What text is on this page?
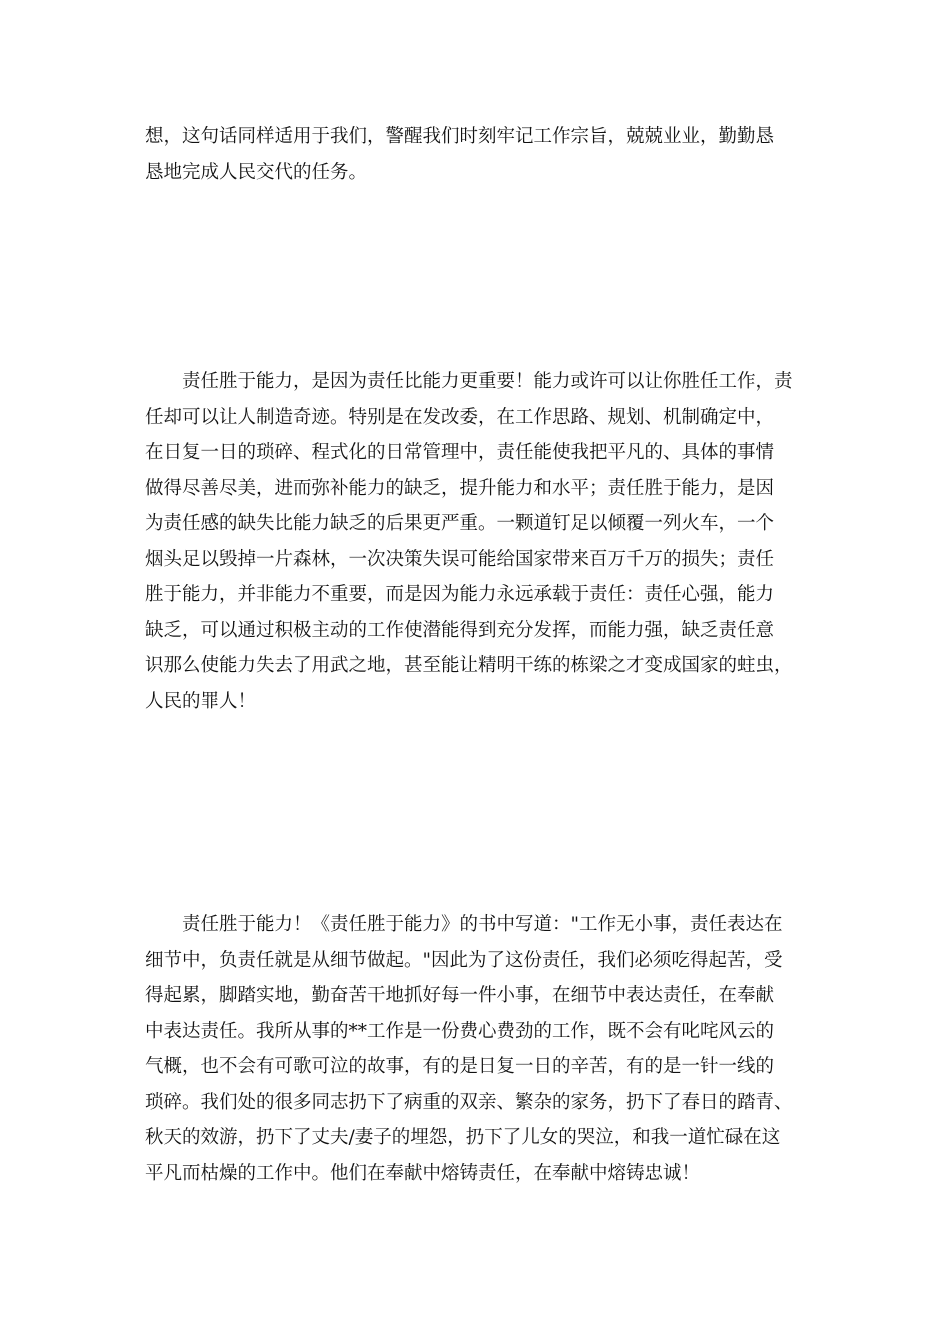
想，这句话同样适用于我们，警醒我们时刻牢记工作宗旨，兢兢业业，勤勤恳
恳地完成人民交代的任务。

　　责任胜于能力，是因为责任比能力更重要！能力或许可以让你胜任工作，责
任却可以让人制造奇迹。特别是在发改委，在工作思路、规划、机制确定中，
在日复一日的琐碎、程式化的日常管理中，责任能使我把平凡的、具体的事情
做得尽善尽美，进而弥补能力的缺乏，提升能力和水平；责任胜于能力，是因
为责任感的缺失比能力缺乏的后果更严重。一颗道钉足以倾覆一列火车，一个
烟头足以毁掉一片森林，一次决策失误可能给国家带来百万千万的损失；责任
胜于能力，并非能力不重要，而是因为能力永远承载于责任：责任心强，能力
缺乏，可以通过积极主动的工作使潜能得到充分发挥，而能力强，缺乏责任意
识那么使能力失去了用武之地，甚至能让精明干练的栋梁之才变成国家的蛀虫，
人民的罪人！

　　责任胜于能力！《责任胜于能力》的书中写道："工作无小事，责任表达在
细节中，负责任就是从细节做起。"因此为了这份责任，我们必须吃得起苦，受
得起累，脚踏实地，勤奋苦干地抓好每一件小事，在细节中表达责任，在奉献
中表达责任。我所从事的**工作是一份费心费劲的工作，既不会有叱咤风云的
气概，也不会有可歌可泣的故事，有的是日复一日的辛苦，有的是一针一线的
琐碎。我们处的很多同志扔下了病重的双亲、繁杂的家务，扔下了春日的踏青、
秋天的效游，扔下了丈夫/妻子的埋怨，扔下了儿女的哭泣，和我一道忙碌在这
平凡而枯燥的工作中。他们在奉献中熔铸责任，在奉献中熔铸忠诚！
